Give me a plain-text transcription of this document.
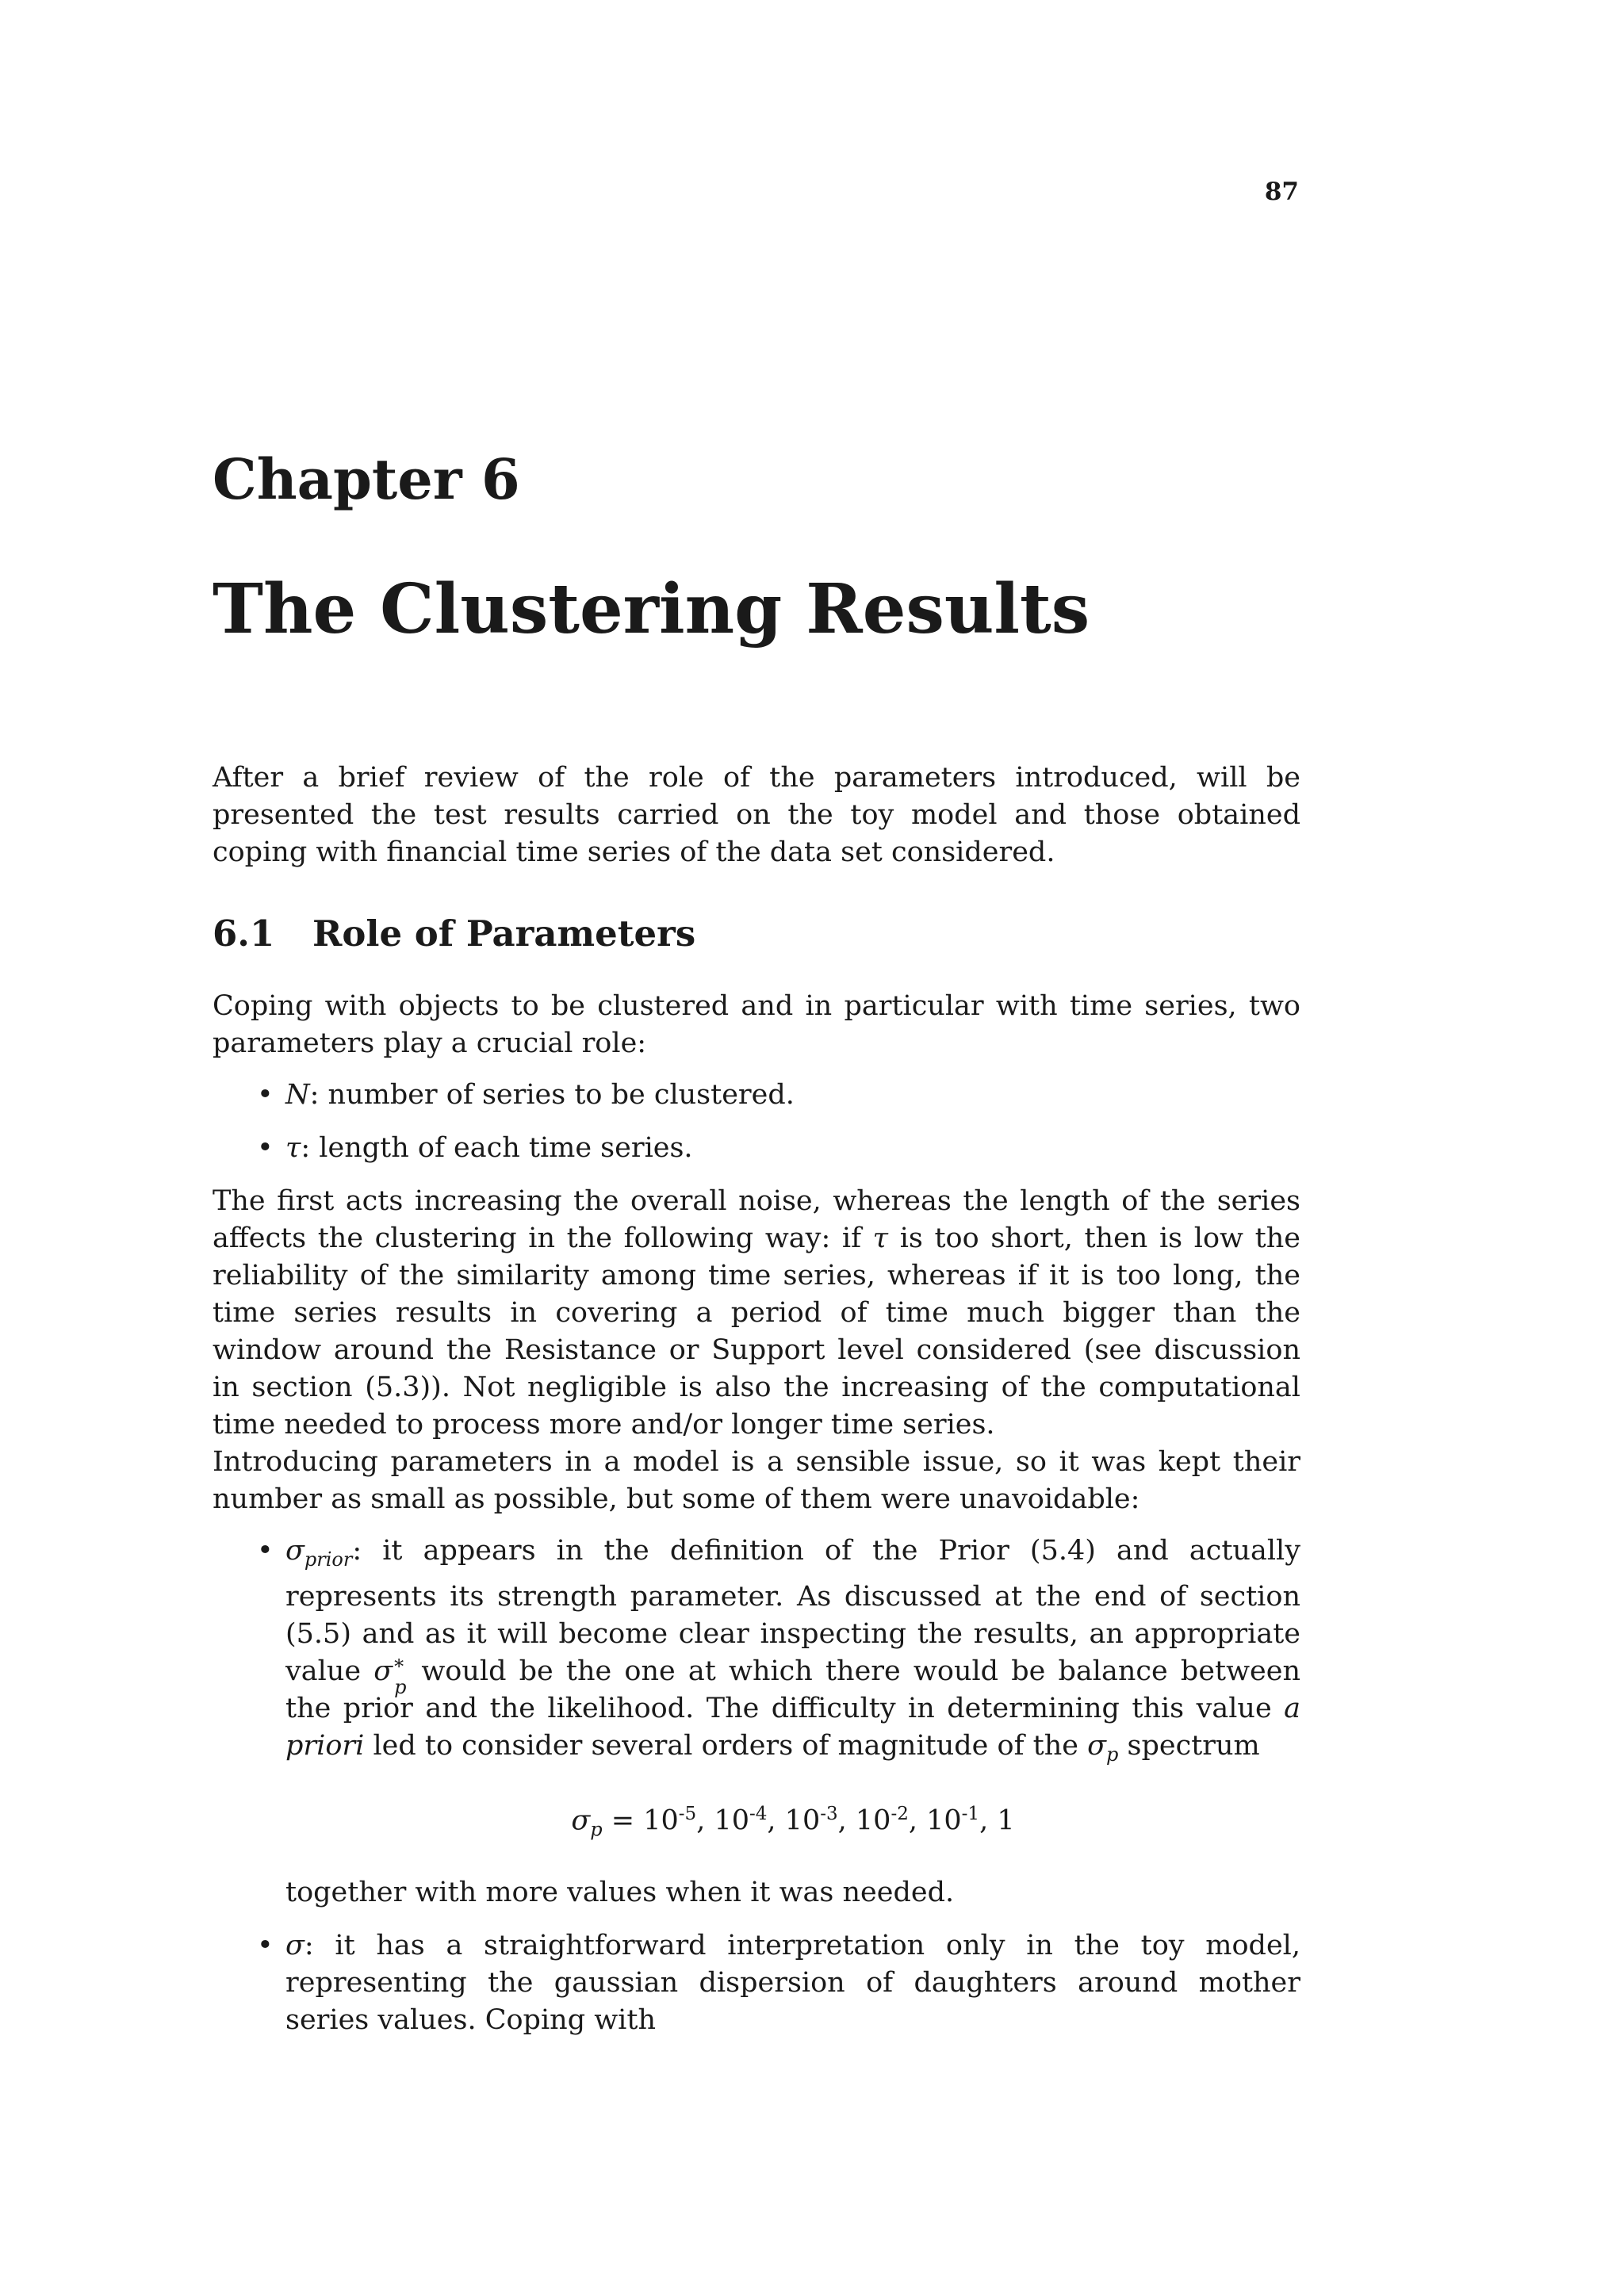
87
Chapter 6
The Clustering Results

After a brief review of the role of the parameters introduced, will be presented the test results carried on the toy model and those obtained coping with financial time series of the data set considered.

6.1	Role of Parameters

Coping with objects to be clustered and in particular with time series, two parameters play a crucial role:

• N: number of series to be clustered.
• τ: length of each time series.

The first acts increasing the overall noise, whereas the length of the series affects the clustering in the following way: if τ is too short, then is low the reliability of the similarity among time series, whereas if it is too long, the time series results in covering a period of time much bigger than the window around the Resistance or Support level considered (see discussion in section (5.3)). Not negligible is also the increasing of the computational time needed to process more and/or longer time series.

Introducing parameters in a model is a sensible issue, so it was kept their number as small as possible, but some of them were unavoidable:

• $\sigma_{prior}$: it appears in the definition of the Prior (5.4) and actually represents its strength parameter. As discussed at the end of section (5.5) and as it will become clear inspecting the results, an appropriate value σ *
p would be the one at which there would be balance between the prior and the likelihood. The difficulty in determining this value a priori led to consider several orders of magnitude of the $\sigma_p$ spectrum
$\sigma_p = 10^{-5}$, $10^{-4}$, $10^{-3}$, $10^{-2}$, $10^{-1}$, 1

together with more values when it was needed.

• σ: it has a straightforward interpretation only in the toy model, representing the gaussian dispersion of daughters around mother series values. Coping with
